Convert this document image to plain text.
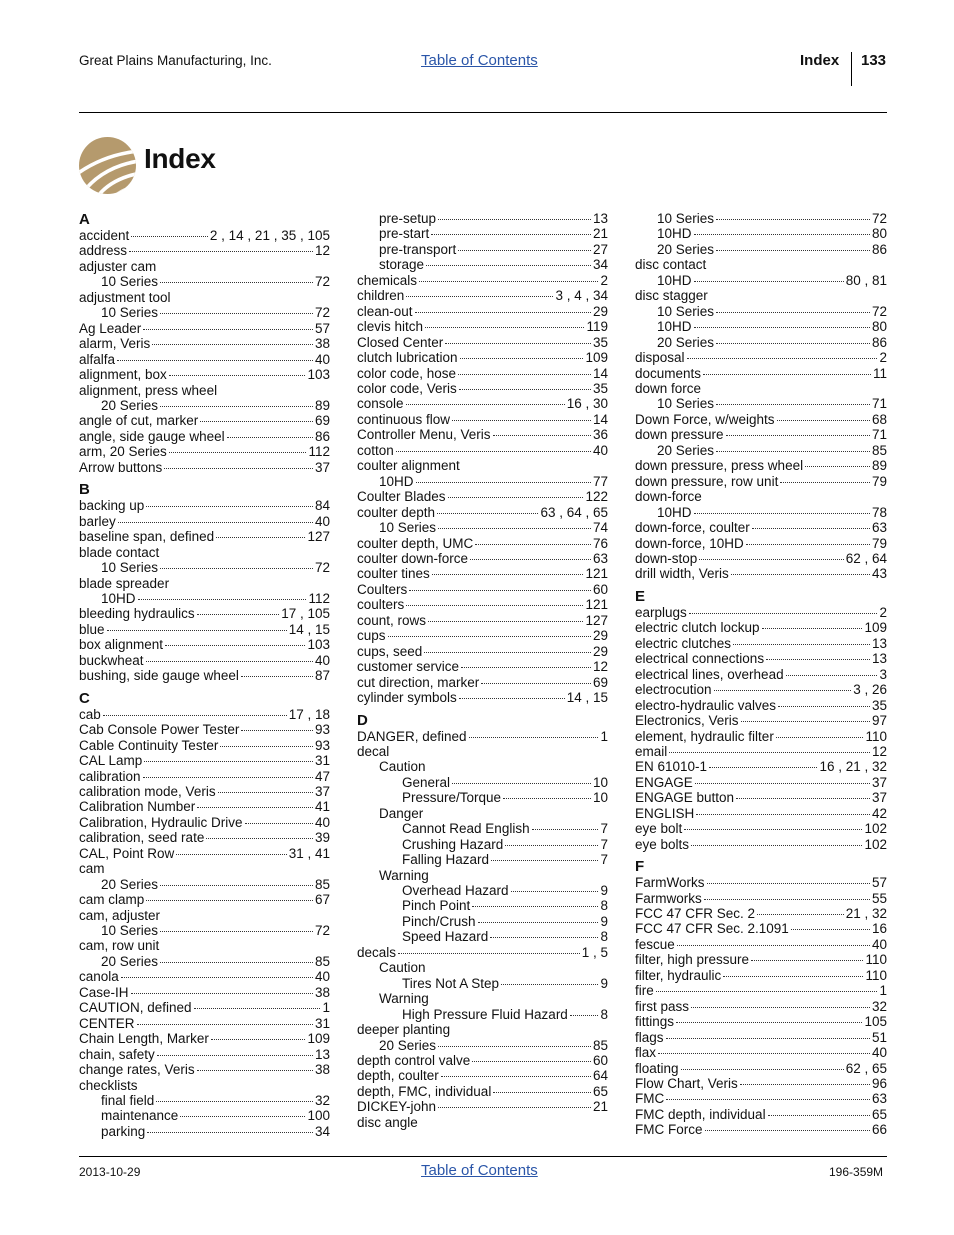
Great Plains Manufacturing, Inc.	Table of Contents	Index 133
Index
A
accident	2 , 14 , 21 , 35 , 105
address	12
adjuster cam
10 Series	72
adjustment tool
10 Series	72
Ag Leader	57
alarm, Veris	38
alfalfa	40
alignment, box	103
alignment, press wheel
20 Series	89
angle of cut, marker	69
angle, side gauge wheel	86
arm, 20 Series	112
Arrow buttons	37
B
backing up	84
barley	40
baseline span, defined	127
blade contact
10 Series	72
blade spreader
10HD	112
bleeding hydraulics	17 , 105
blue	14 , 15
box alignment	103
buckwheat	40
bushing, side gauge wheel	87
C
cab	17 , 18
Cab Console Power Tester	93
Cable Continuity Tester	93
CAL Lamp	31
calibration	47
calibration mode, Veris	37
Calibration Number	41
Calibration, Hydraulic Drive	40
calibration, seed rate	39
CAL, Point Row	31 , 41
cam
20 Series	85
cam clamp	67
cam, adjuster
10 Series	72
cam, row unit
20 Series	85
canola	40
Case-IH	38
CAUTION, defined	1
CENTER	31
Chain Length, Marker	109
chain, safety	13
change rates, Veris	38
checklists
final field	32
maintenance	100
parking	34
pre-setup	13
pre-start	21
pre-transport	27
storage	34
chemicals	2
children	3 , 4 , 34
clean-out	29
clevis hitch	119
Closed Center	35
clutch lubrication	109
color code, hose	14
color code, Veris	35
console	16 , 30
continuous flow	14
Controller Menu, Veris	36
cotton	40
coulter alignment
10HD	77
Coulter Blades	122
coulter depth	63 , 64 , 65
10 Series	74
coulter depth, UMC	76
coulter down-force	63
coulter tines	121
Coulters	60
coulters	121
count, rows	127
cups	29
cups, seed	29
customer service	12
cut direction, marker	69
cylinder symbols	14 , 15
D
DANGER, defined	1
decal
Caution
General	10
Pressure/Torque	10
Danger
Cannot Read English	7
Crushing Hazard	7
Falling Hazard	7
Warning
Overhead Hazard	9
Pinch Point	8
Pinch/Crush	9
Speed Hazard	8
decals	1 , 5
Caution
Tires Not A Step	9
Warning
High Pressure Fluid Hazard 8
deeper planting
20 Series	85
depth control valve	60
depth, coulter	64
depth, FMC, individual	65
DICKEY-john	21
disc angle
10 Series	72
10HD	80
20 Series	86
disc contact
10HD	80 , 81
disc stagger
10 Series	72
10HD	80
20 Series	86
disposal	2
documents	11
down force
10 Series	71
Down Force, w/weights	68
down pressure	71
20 Series	85
down pressure, press wheel	89
down pressure, row unit	79
down-force
10HD	78
down-force, coulter	63
down-force, 10HD	79
down-stop	62 , 64
drill width, Veris	43
E
earplugs	2
electric clutch lockup	109
electric clutches	13
electrical connections	13
electrical lines, overhead	3
electrocution	3 , 26
electro-hydraulic valves	35
Electronics, Veris	97
element, hydraulic filter	110
email	12
EN 61010-1	16 , 21 , 32
ENGAGE	37
ENGAGE button	37
ENGLISH	42
eye bolt	102
eye bolts	102
F
FarmWorks	57
Farmworks	55
FCC 47 CFR Sec. 2	21 , 32
FCC 47 CFR Sec. 2.1091	16
fescue	40
filter, high pressure	110
filter, hydraulic	110
fire	1
first pass	32
fittings	105
flags	51
flax	40
floating	62 , 65
Flow Chart, Veris	96
FMC	63
FMC depth, individual	65
FMC Force	66
2013-10-29	Table of Contents	196-359M
